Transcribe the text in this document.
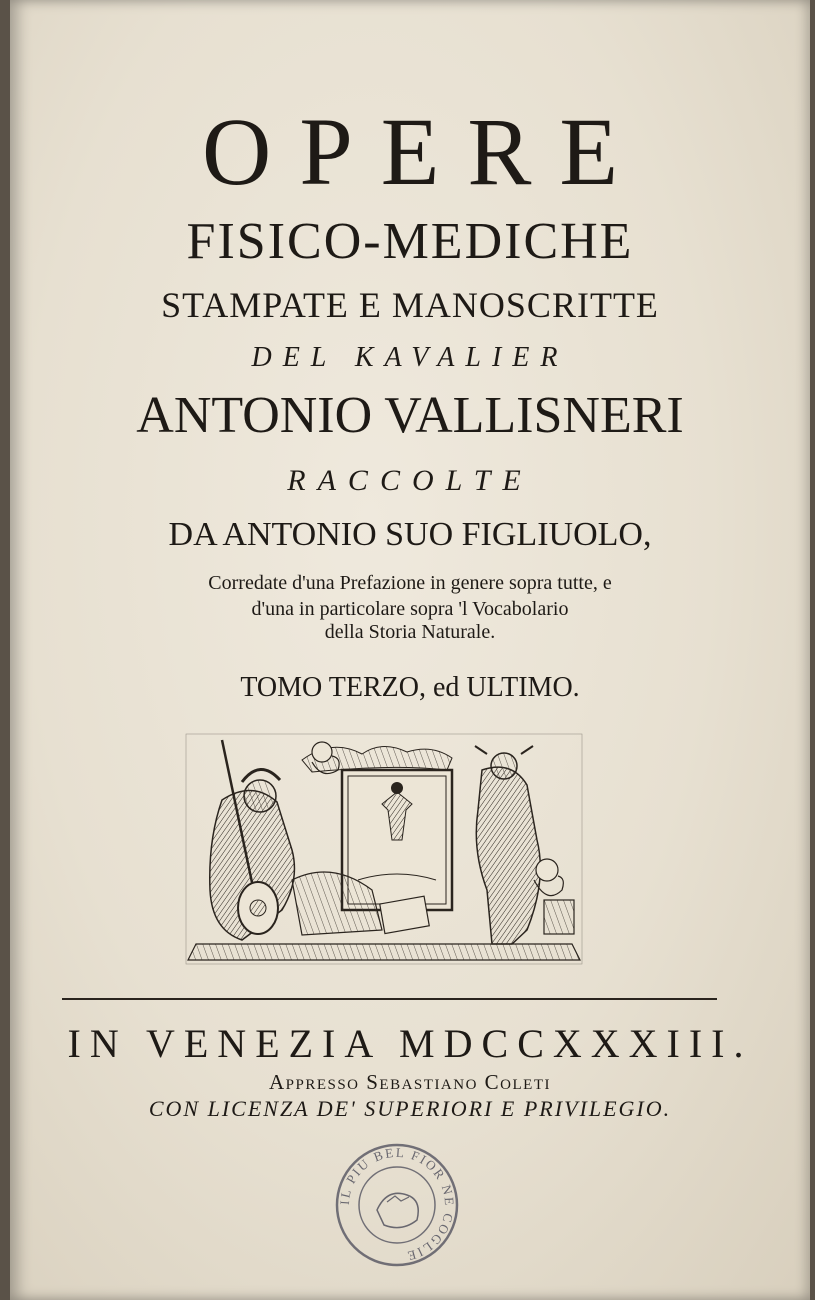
OPERE
FISICO-MEDICHE
STAMPATE E MANOSCRITTE
DEL KAVALIER
ANTONIO VALLISNERI
RACCOLTE
DA ANTONIO SUO FIGLIUOLO,
Corredate d'una Prefazione in genere sopra tutte, e
d'una in particolare sopra 'l Vocabolario
della Storia Naturale.
TOMO TERZO, ed ULTIMO.
IN VENEZIA MDCCXXXIII.
Appresso Sebastiano Coleti
CON LICENZA DE' SUPERIORI E PRIVILEGIO.
IL PIU BEL FIOR NE COGLIE
